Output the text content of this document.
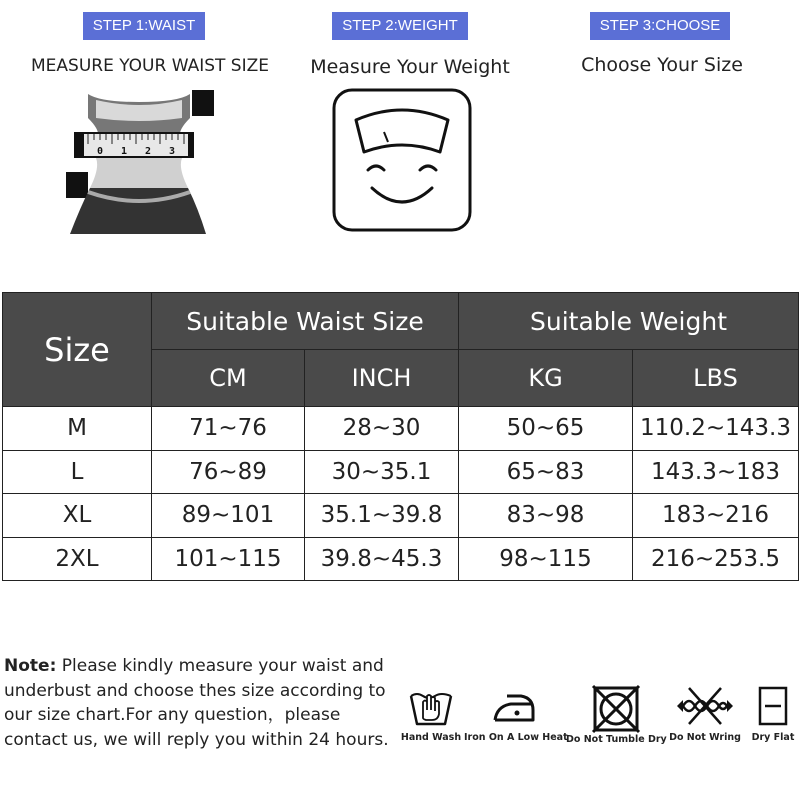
STEP 1:WAIST
MEASURE YOUR WAIST SIZE
0 1 2 3
STEP 2:WEIGHT
Measure Your Weight
STEP 3:CHOOSE
Choose Your Size
Size	Suitable Waist Size		Suitable Weight	
	CM	INCH	KG	LBS
M	71~76	28~30	50~65	110.2~143.3
L	76~89	30~35.1	65~83	143.3~183
XL	89~101	35.1~39.8	83~98	183~216
2XL	101~115	39.8~45.3	98~115	216~253.5
Note: Please kindly measure your waist and underbust and choose thes size according to our size chart.For any question，please contact us, we will reply you within 24 hours.	Hand Wash Iron On A Low Heat
Do Not Tumble Dry Do Not Wring	Dry Flat
